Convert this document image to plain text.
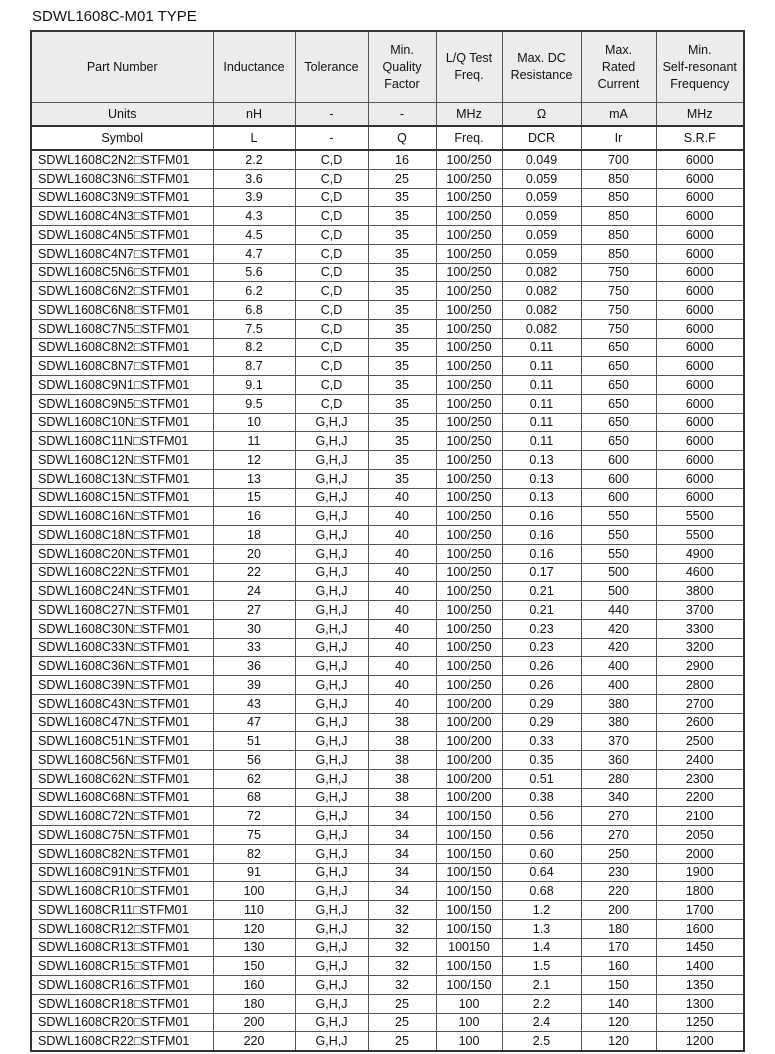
SDWL1608C-M01 TYPE
Part Number	Inductance	Tolerance	Min.
Quality
Factor	L/Q Test
Freq.	Max. DC
Resistance	Max.
Rated
Current	Min.
Self-resonant
Frequency
Units	nH	-	-	MHz	Ω	mA	MHz
Symbol	L	-	Q	Freq.	DCR	Ir	S.R.F
SDWL1608C2N2□STFM01	2.2	C,D	16	100/250	0.049	700	6000
SDWL1608C3N6□STFM01	3.6	C,D	25	100/250	0.059	850	6000
SDWL1608C3N9□STFM01	3.9	C,D	35	100/250	0.059	850	6000
SDWL1608C4N3□STFM01	4.3	C,D	35	100/250	0.059	850	6000
SDWL1608C4N5□STFM01	4.5	C,D	35	100/250	0.059	850	6000
SDWL1608C4N7□STFM01	4.7	C,D	35	100/250	0.059	850	6000
SDWL1608C5N6□STFM01	5.6	C,D	35	100/250	0.082	750	6000
SDWL1608C6N2□STFM01	6.2	C,D	35	100/250	0.082	750	6000
SDWL1608C6N8□STFM01	6.8	C,D	35	100/250	0.082	750	6000
SDWL1608C7N5□STFM01	7.5	C,D	35	100/250	0.082	750	6000
SDWL1608C8N2□STFM01	8.2	C,D	35	100/250	0.11	650	6000
SDWL1608C8N7□STFM01	8.7	C,D	35	100/250	0.11	650	6000
SDWL1608C9N1□STFM01	9.1	C,D	35	100/250	0.11	650	6000
SDWL1608C9N5□STFM01	9.5	C,D	35	100/250	0.11	650	6000
SDWL1608C10N□STFM01	10	G,H,J	35	100/250	0.11	650	6000
SDWL1608C11N□STFM01	11	G,H,J	35	100/250	0.11	650	6000
SDWL1608C12N□STFM01	12	G,H,J	35	100/250	0.13	600	6000
SDWL1608C13N□STFM01	13	G,H,J	35	100/250	0.13	600	6000
SDWL1608C15N□STFM01	15	G,H,J	40	100/250	0.13	600	6000
SDWL1608C16N□STFM01	16	G,H,J	40	100/250	0.16	550	5500
SDWL1608C18N□STFM01	18	G,H,J	40	100/250	0.16	550	5500
SDWL1608C20N□STFM01	20	G,H,J	40	100/250	0.16	550	4900
SDWL1608C22N□STFM01	22	G,H,J	40	100/250	0.17	500	4600
SDWL1608C24N□STFM01	24	G,H,J	40	100/250	0.21	500	3800
SDWL1608C27N□STFM01	27	G,H,J	40	100/250	0.21	440	3700
SDWL1608C30N□STFM01	30	G,H,J	40	100/250	0.23	420	3300
SDWL1608C33N□STFM01	33	G,H,J	40	100/250	0.23	420	3200
SDWL1608C36N□STFM01	36	G,H,J	40	100/250	0.26	400	2900
SDWL1608C39N□STFM01	39	G,H,J	40	100/250	0.26	400	2800
SDWL1608C43N□STFM01	43	G,H,J	40	100/200	0.29	380	2700
SDWL1608C47N□STFM01	47	G,H,J	38	100/200	0.29	380	2600
SDWL1608C51N□STFM01	51	G,H,J	38	100/200	0.33	370	2500
SDWL1608C56N□STFM01	56	G,H,J	38	100/200	0.35	360	2400
SDWL1608C62N□STFM01	62	G,H,J	38	100/200	0.51	280	2300
SDWL1608C68N□STFM01	68	G,H,J	38	100/200	0.38	340	2200
SDWL1608C72N□STFM01	72	G,H,J	34	100/150	0.56	270	2100
SDWL1608C75N□STFM01	75	G,H,J	34	100/150	0.56	270	2050
SDWL1608C82N□STFM01	82	G,H,J	34	100/150	0.60	250	2000
SDWL1608C91N□STFM01	91	G,H,J	34	100/150	0.64	230	1900
SDWL1608CR10□STFM01	100	G,H,J	34	100/150	0.68	220	1800
SDWL1608CR11□STFM01	110	G,H,J	32	100/150	1.2	200	1700
SDWL1608CR12□STFM01	120	G,H,J	32	100/150	1.3	180	1600
SDWL1608CR13□STFM01	130	G,H,J	32	100150	1.4	170	1450
SDWL1608CR15□STFM01	150	G,H,J	32	100/150	1.5	160	1400
SDWL1608CR16□STFM01	160	G,H,J	32	100/150	2.1	150	1350
SDWL1608CR18□STFM01	180	G,H,J	25	100	2.2	140	1300
SDWL1608CR20□STFM01	200	G,H,J	25	100	2.4	120	1250
SDWL1608CR22□STFM01	220	G,H,J	25	100	2.5	120	1200
